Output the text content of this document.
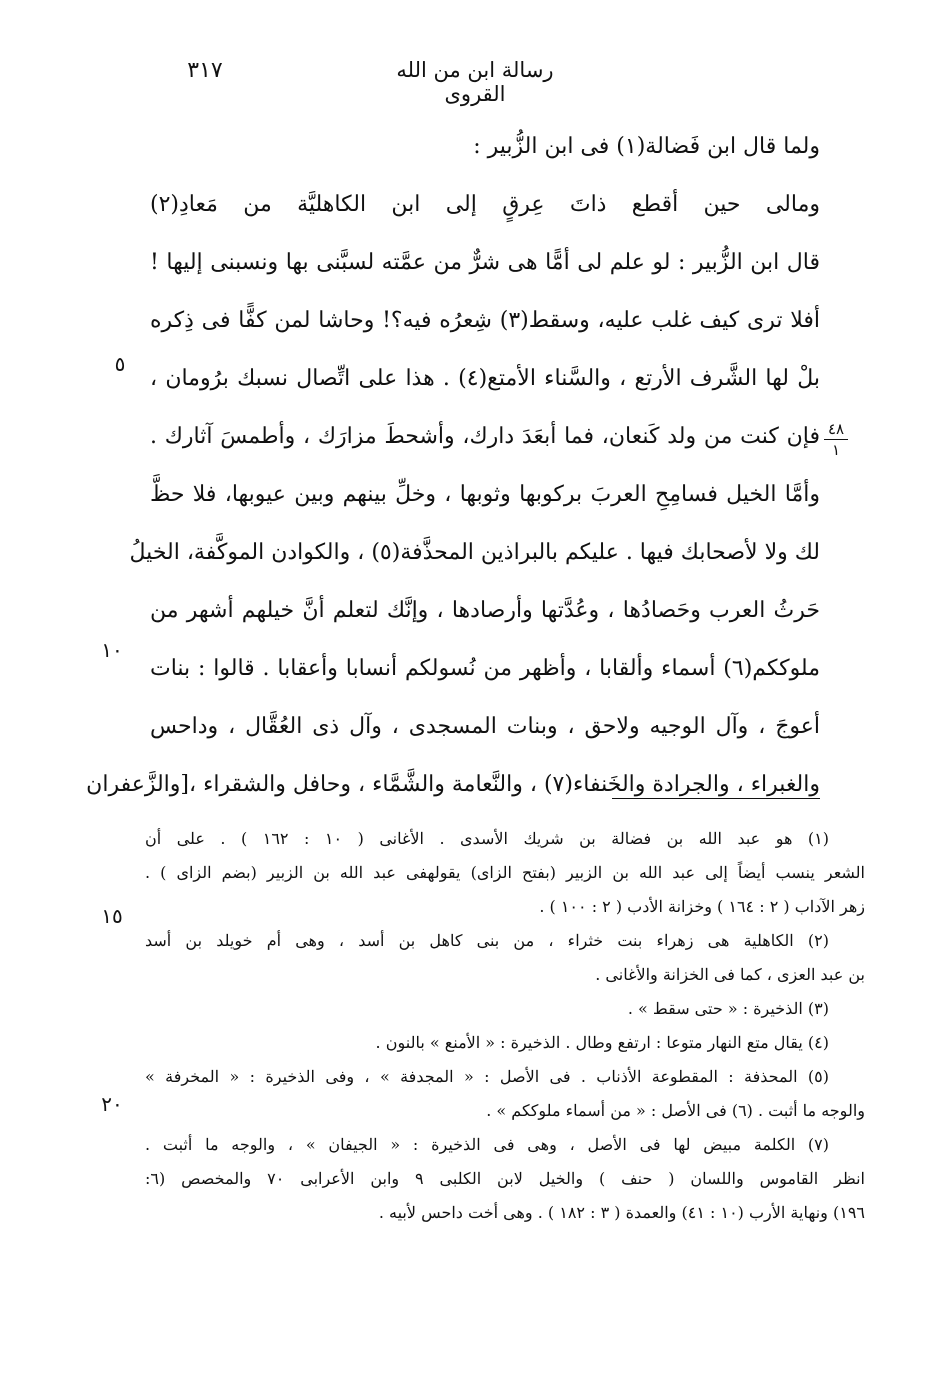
رسالة ابن من الله القروى
٣١٧
ولما قال ابن فَضالة(١) فى ابن الزُّبير :
ومالى حين أقطع ذاتَ عِرقٍ إلى ابن الكاهليَّة من مَعادِ(٢)
قال ابن الزُّبير : لو علم لى أمًّا هى شرٌّ من عمَّته لسبَّنى بها ونسبنى إليها !
أفلا ترى كيف غلب عليه، وسقط(٣) شِعرُه فيه؟! وحاشا لمن كفًّا فى ذِكره
بلْ لها الشَّرف الأرتع ، والسَّناء الأمتع(٤) . هذا على اتِّصال نسبك برُومان ،
فإن كنت من ولد كَنعان، فما أبعَدَ دارك، وأشحطَ مزارَك ، وأطمسَ آثارك .
وأمَّا الخيل فسامِحِ العربَ بركوبها وثوبها ، وخلِّ بينهم وبين عيوبها، فلا حظَّ
لك ولا لأصحابك فيها . عليكم بالبراذين المحذَّفة(٥) ، والكوادن الموكَّفة، الخيلُ
حَرثُ العرب وحَصادُها ، وعُدَّتها وأرصادها ، وإنَّك لتعلم أنَّ خيلهم أشهر من
ملوككم(٦) أسماء وألقابا ، وأظهر من نُسولكم أنسابا وأعقابا . قالوا : بنات
أعوجَ ، وآل الوجيه ولاحق ، وبنات المسجدى ، وآل ذى العُقَّال ، وداحس
والغبراء ، والجرادة والخَنفاء(٧) ، والنَّعامة والشَّمَّاء ، وحافل والشقراء ،[والزَّعفران
٥
١٠
١٥
٢٠
٤٨
١
(١) هو عبد الله بن فضالة بن شريك الأسدى . الأغانى ( ١٠ : ١٦٢ ) . على أن
الشعر ينسب أيضاً إلى عبد الله بن الزبير (بفتح الزاى) يقولهفى عبد الله بن الزبير (بضم الزاى ) .
زهر الآداب ( ٢ : ١٦٤ ) وخزانة الأدب ( ٢ : ١٠٠ ) .
(٢) الكاهلية هى زهراء بنت خثراء ، من بنى كاهل بن أسد ، وهى أم خويلد بن أسد
بن عبد العزى ، كما فى الخزانة والأغانى .
(٣) الذخيرة : « حتى سقط » .
(٤) يقال متع النهار متوعا : ارتفع وطال . الذخيرة : « الأمنع » بالنون .
(٥) المحذفة : المقطوعة الأذناب . فى الأصل : « المجدفة » ، وفى الذخيرة : « المخرفة »
والوجه ما أثبت . (٦) فى الأصل : « من أسماء ملوككم » .
(٧) الكلمة مبيض لها فى الأصل ، وهى فى الذخيرة : « الجيفان » ، والوجه ما أثبت .
انظر القاموس واللسان ( حنف ) والخيل لابن الكلبى ٩ وابن الأعرابى ٧٠ والمخصص (٦:
١٩٦) ونهاية الأرب (١٠ : ٤١) والعمدة ( ٣ : ١٨٢ ) . وهى أخت داحس لأبيه .
